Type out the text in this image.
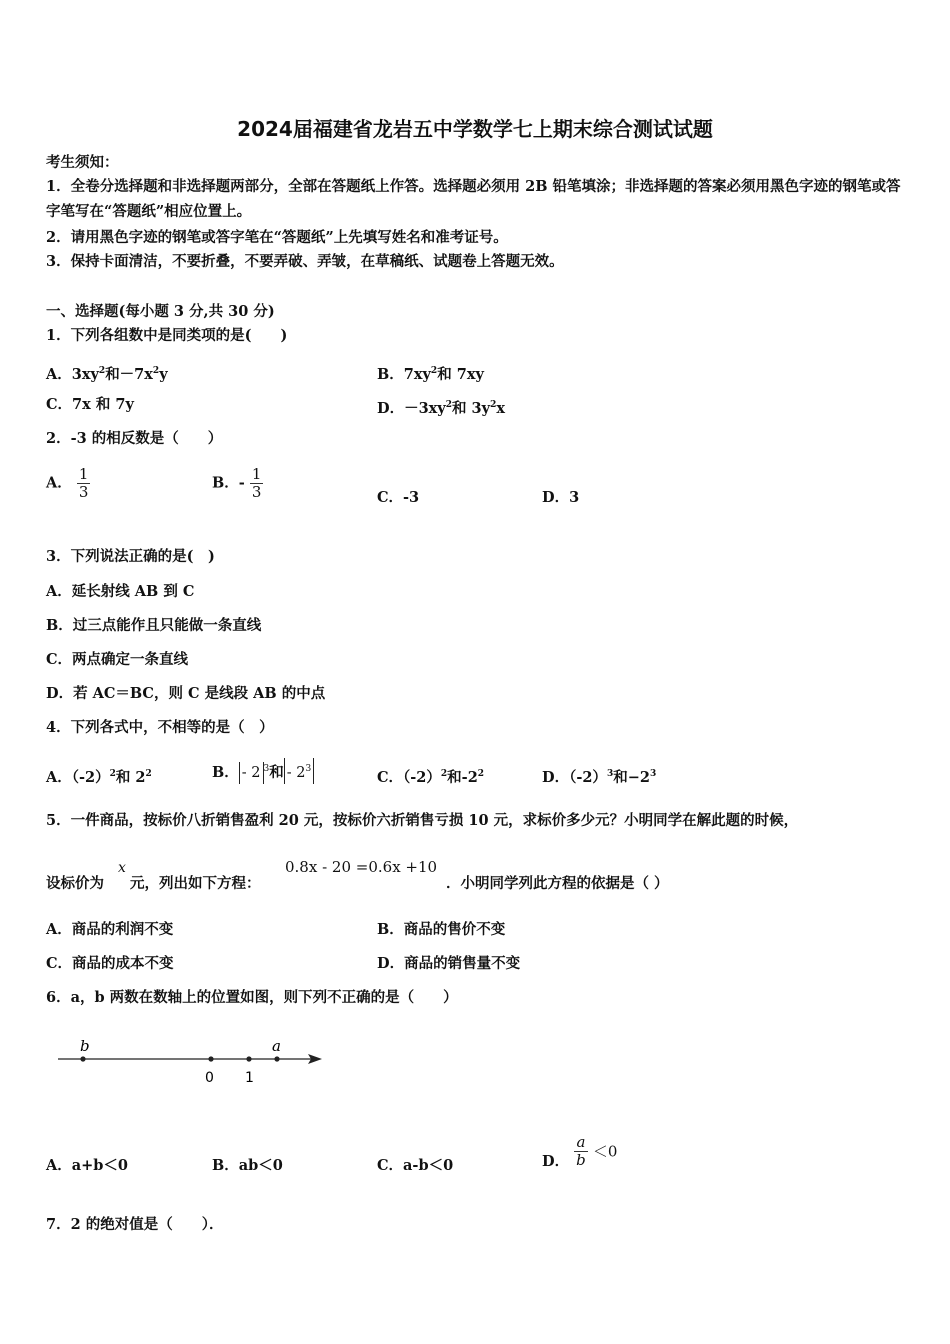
2024届福建省龙岩五中学数学七上期末综合测试试题
考生须知：
1．全卷分选择题和非选择题两部分，全部在答题纸上作答。选择题必须用 2B 铅笔填涂；非选择题的答案必须用黑色字迹的钢笔或答字笔写在“答题纸”相应位置上。
2．请用黑色字迹的钢笔或答字笔在“答题纸”上先填写姓名和准考证号。
3．保持卡面清洁，不要折叠，不要弄破、弄皱，在草稿纸、试题卷上答题无效。
一、选择题(每小题 3 分,共 30 分)
1．下列各组数中是同类项的是(　　)
A．$3xy^2$和$-7x^2y$	B．$7xy^2$和 7xy
C．7x 和 7y	D．$-3xy^2$和 $3y^2x$
2．-3 的相反数是（　　）
A． $\frac{1}{3}$	B．- $\frac{1}{3}$	C．-3	D．3
3．下列说法正确的是(　)
A．延长射线 AB 到 C
B．过三点能作且只能做一条直线
C．两点确定一条直线
D．若 AC＝BC，则 C 是线段 AB 的中点
4．下列各式中，不相等的是（　）
A．$(-2)^2$和 $2^2$	B． - 2 $^3$和 - $2^3$	C．$(-2)^2$和$-2^2$	D．$(-2)^3$和$-2^3$
5．一件商品，按标价八折销售盈利 20 元，按标价六折销售亏损 10 元，求标价多少元？小明同学在解此题的时候，
设标价为
x
元，列出如下方程：
0.8x - 20 =0.6x +10
．小明同学列此方程的依据是（ ）
A．商品的利润不变	B．商品的售价不变
C．商品的成本不变	D．商品的销售量不变
6．a，b 两数在数轴上的位置如图，则下列不正确的是（　　）
b	a
0 1
A．a+b＜0	B．ab＜0	C．a-b＜0	D． $\frac{a}{b} <0$
7．2 的绝对值是（　　）．
